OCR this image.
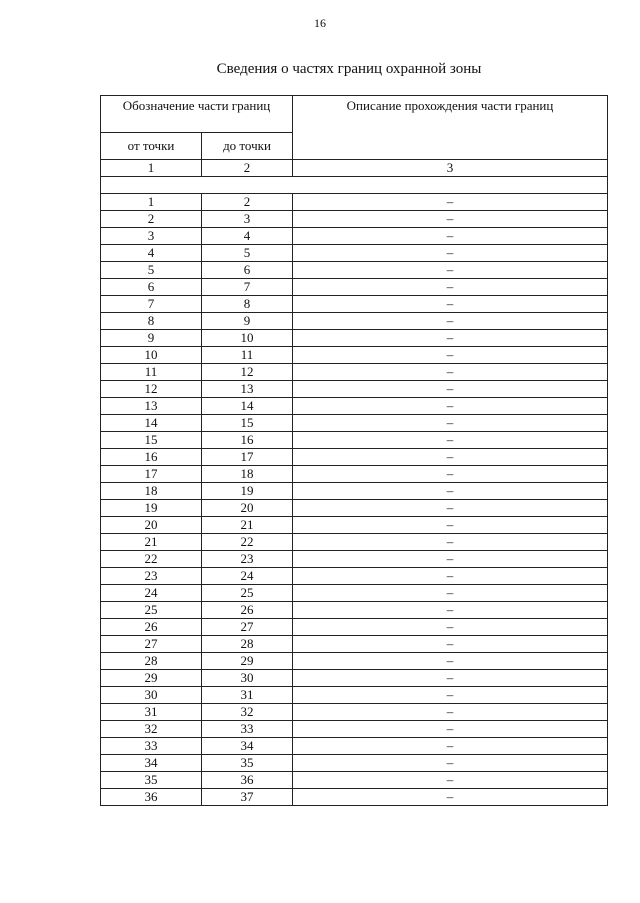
16
Сведения о частях границ охранной зоны
Обозначение части границ		Описание прохождения части границ
от точки	до точки	
1	2	3

1	2	–
2	3	–
3	4	–
4	5	–
5	6	–
6	7	–
7	8	–
8	9	–
9	10	–
10	11	–
11	12	–
12	13	–
13	14	–
14	15	–
15	16	–
16	17	–
17	18	–
18	19	–
19	20	–
20	21	–
21	22	–
22	23	–
23	24	–
24	25	–
25	26	–
26	27	–
27	28	–
28	29	–
29	30	–
30	31	–
31	32	–
32	33	–
33	34	–
34	35	–
35	36	–
36	37	–
